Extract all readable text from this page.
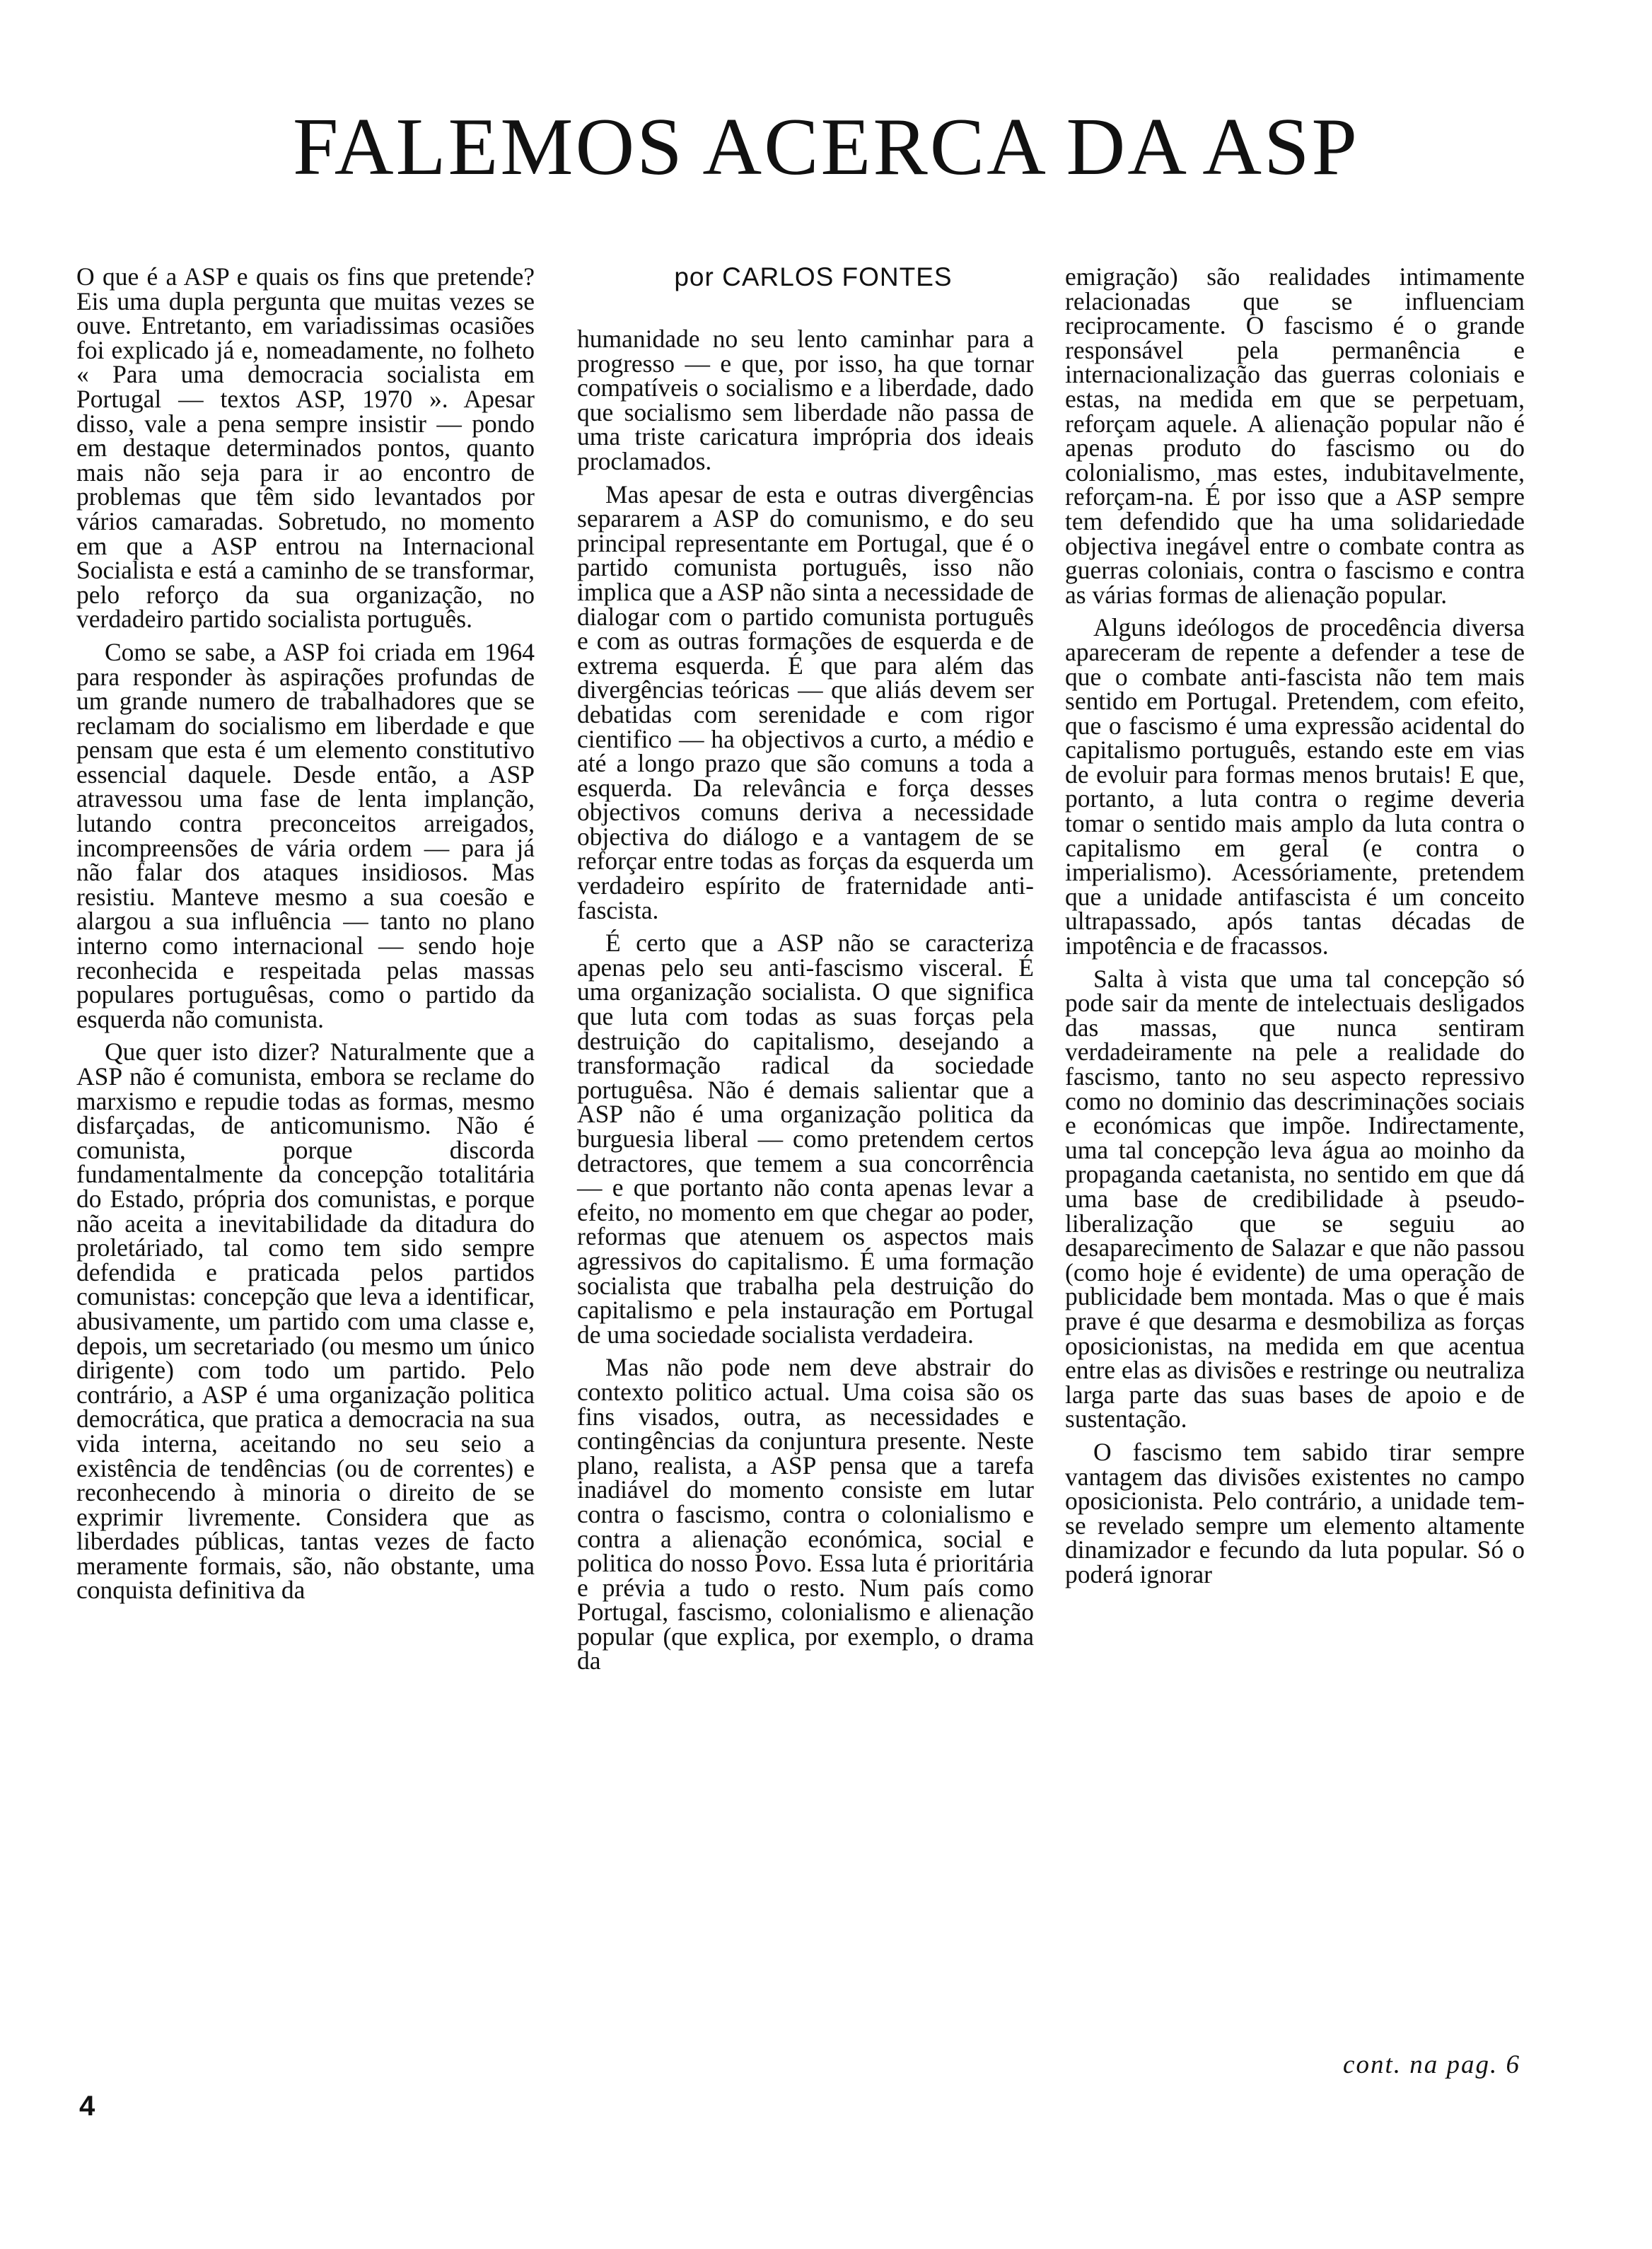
FALEMOS ACERCA DA ASP
por CARLOS FONTES

O que é a ASP e quais os fins que pretende? Eis uma dupla pergunta que muitas vezes se ouve. Entretanto, em variadissimas ocasiões foi explicado já e, nomeadamente, no folheto « Para uma democracia socialista em Portugal — textos ASP, 1970 ». Apesar disso, vale a pena sempre insistir — pondo em destaque determinados pontos, quanto mais não seja para ir ao encontro de problemas que têm sido levantados por vários camaradas. Sobretudo, no momento em que a ASP entrou na Internacional Socialista e está a caminho de se transformar, pelo reforço da sua organização, no verdadeiro partido socialista português.

Como se sabe, a ASP foi criada em 1964 para responder às aspirações profundas de um grande numero de trabalhadores que se reclamam do socialismo em liberdade e que pensam que esta é um elemento constitutivo essencial daquele. Desde então, a ASP atravessou uma fase de lenta implanção, lutando contra preconceitos arreigados, incompreensões de vária ordem — para já não falar dos ataques insidiosos. Mas resistiu. Manteve mesmo a sua coesão e alargou a sua influência — tanto no plano interno como internacional — sendo hoje reconhecida e respeitada pelas massas populares portuguêsas, como o partido da esquerda não comunista.

Que quer isto dizer? Naturalmente que a ASP não é comunista, embora se reclame do marxismo e repudie todas as formas, mesmo disfarçadas, de anticomunismo. Não é comunista, porque discorda fundamentalmente da concepção totalitária do Estado, própria dos comunistas, e porque não aceita a inevitabilidade da ditadura do proletáriado, tal como tem sido sempre defendida e praticada pelos partidos comunistas: concepção que leva a identificar, abusivamente, um partido com uma classe e, depois, um secretariado (ou mesmo um único dirigente) com todo um partido. Pelo contrário, a ASP é uma organização politica democrática, que pratica a democracia na sua vida interna, aceitando no seu seio a existência de tendências (ou de correntes) e reconhecendo à minoria o direito de se exprimir livremente. Considera que as liberdades públicas, tantas vezes de facto meramente formais, são, não obstante, uma conquista definitiva da

humanidade no seu lento caminhar para a progresso — e que, por isso, ha que tornar compatíveis o socialismo e a liberdade, dado que socialismo sem liberdade não passa de uma triste caricatura imprópria dos ideais proclamados.

Mas apesar de esta e outras divergências separarem a ASP do comunismo, e do seu principal representante em Portugal, que é o partido comunista português, isso não implica que a ASP não sinta a necessidade de dialogar com o partido comunista português e com as outras formações de esquerda e de extrema esquerda. É que para além das divergências teóricas — que aliás devem ser debatidas com serenidade e com rigor cientifico — ha objectivos a curto, a médio e até a longo prazo que são comuns a toda a esquerda. Da relevância e força desses objectivos comuns deriva a necessidade objectiva do diálogo e a vantagem de se reforçar entre todas as forças da esquerda um verdadeiro espírito de fraternidade anti-fascista.

É certo que a ASP não se caracteriza apenas pelo seu anti-fascismo visceral. É uma organização socialista. O que significa que luta com todas as suas forças pela destruição do capitalismo, desejando a transformação radical da sociedade portuguêsa. Não é demais salientar que a ASP não é uma organização politica da burguesia liberal — como pretendem certos detractores, que temem a sua concorrência — e que portanto não conta apenas levar a efeito, no momento em que chegar ao poder, reformas que atenuem os aspectos mais agressivos do capitalismo. É uma formação socialista que trabalha pela destruição do capitalismo e pela instauração em Portugal de uma sociedade socialista verdadeira.

Mas não pode nem deve abstrair do contexto politico actual. Uma coisa são os fins visados, outra, as necessidades e contingências da conjuntura presente. Neste plano, realista, a ASP pensa que a tarefa inadiável do momento consiste em lutar contra o fascismo, contra o colonialismo e contra a alienação económica, social e politica do nosso Povo. Essa luta é prioritária e prévia a tudo o resto. Num país como Portugal, fascismo, colonialismo e alienação popular (que explica, por exemplo, o drama da

emigração) são realidades intimamente relacionadas que se influenciam reciprocamente. O fascismo é o grande responsável pela permanência e internacionalização das guerras coloniais e estas, na medida em que se perpetuam, reforçam aquele. A alienação popular não é apenas produto do fascismo ou do colonialismo, mas estes, indubitavelmente, reforçam-na. É por isso que a ASP sempre tem defendido que ha uma solidariedade objectiva inegável entre o combate contra as guerras coloniais, contra o fascismo e contra as várias formas de alienação popular.

Alguns ideólogos de procedência diversa apareceram de repente a defender a tese de que o combate anti-fascista não tem mais sentido em Portugal. Pretendem, com efeito, que o fascismo é uma expressão acidental do capitalismo português, estando este em vias de evoluir para formas menos brutais! E que, portanto, a luta contra o regime deveria tomar o sentido mais amplo da luta contra o capitalismo em geral (e contra o imperialismo). Acessóriamente, pretendem que a unidade antifascista é um conceito ultrapassado, após tantas décadas de impotência e de fracassos.

Salta à vista que uma tal concepção só pode sair da mente de intelectuais desligados das massas, que nunca sentiram verdadeiramente na pele a realidade do fascismo, tanto no seu aspecto repressivo como no dominio das descriminações sociais e económicas que impõe. Indirectamente, uma tal concepção leva água ao moinho da propaganda caetanista, no sentido em que dá uma base de credibilidade à pseudo-liberalização que se seguiu ao desaparecimento de Salazar e que não passou (como hoje é evidente) de uma operação de publicidade bem montada. Mas o que é mais prave é que desarma e desmobiliza as forças oposicionistas, na medida em que acentua entre elas as divisões e restringe ou neutraliza larga parte das suas bases de apoio e de sustentação.

O fascismo tem sabido tirar sempre vantagem das divisões existentes no campo oposicionista. Pelo contrário, a unidade tem-se revelado sempre um elemento altamente dinamizador e fecundo da luta popular. Só o poderá ignorar

cont. na pag. 6
4
